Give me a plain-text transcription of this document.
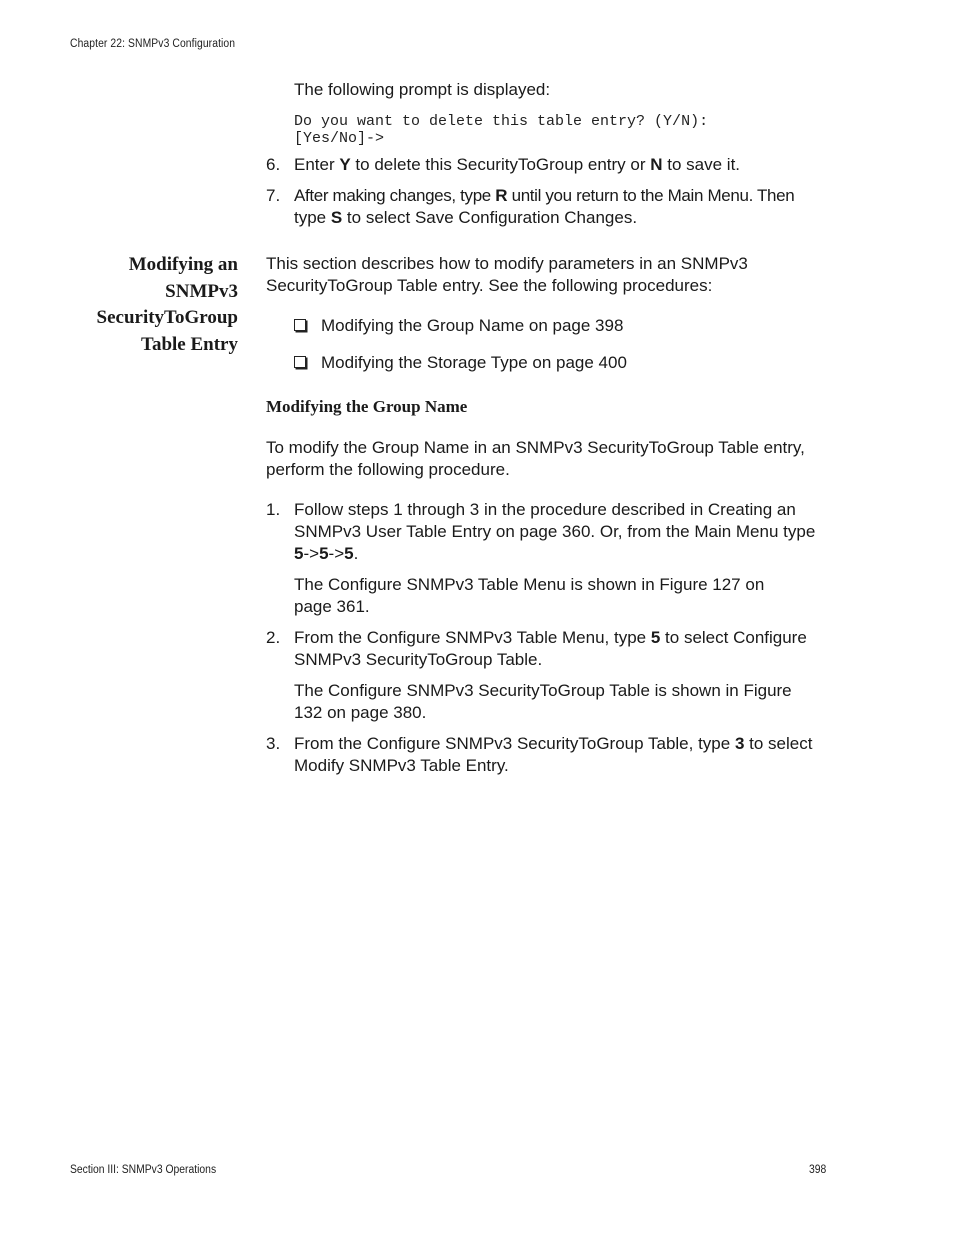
Chapter 22: SNMPv3 Configuration
The following prompt is displayed:
Do you want to delete this table entry? (Y/N):
[Yes/No]->
6. Enter Y to delete this SecurityToGroup entry or N to save it.
7. After making changes, type R until you return to the Main Menu. Then
type S to select Save Configuration Changes.
Modifying an
SNMPv3
SecurityToGroup
Table Entry
This section describes how to modify parameters in an SNMPv3
SecurityToGroup Table entry. See the following procedures:
Modifying the Group Name on page 398
Modifying the Storage Type on page 400
Modifying the Group Name
To modify the Group Name in an SNMPv3 SecurityToGroup Table entry,
perform the following procedure.
1. Follow steps 1 through 3 in the procedure described in Creating an
SNMPv3 User Table Entry on page 360. Or, from the Main Menu type
5->5->5.
The Configure SNMPv3 Table Menu is shown in Figure 127 on
page 361.
2. From the Configure SNMPv3 Table Menu, type 5 to select Configure
SNMPv3 SecurityToGroup Table.
The Configure SNMPv3 SecurityToGroup Table is shown in Figure
132 on page 380.
3. From the Configure SNMPv3 SecurityToGroup Table, type 3 to select
Modify SNMPv3 Table Entry.
Section III: SNMPv3 Operations	398
